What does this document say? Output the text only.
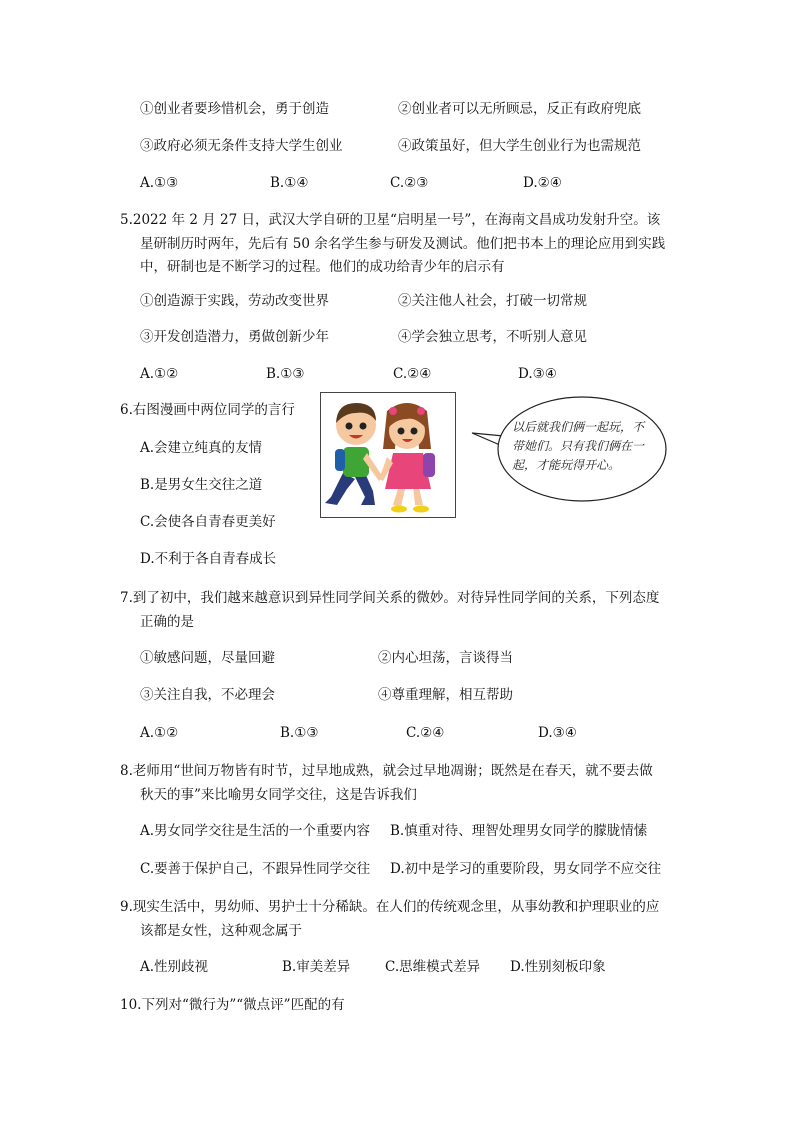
①创业者要珍惜机会，勇于创造	②创业者可以无所顾忌，反正有政府兜底
③政府必须无条件支持大学生创业	④政策虽好，但大学生创业行为也需规范
A.①③	B.①④	C.②③	D.②④
5.2022 年 2 月 27 日，武汉大学自研的卫星“启明星一号”，在海南文昌成功发射升空。该
星研制历时两年，先后有 50 余名学生参与研发及测试。他们把书本上的理论应用到实践
中，研制也是不断学习的过程。他们的成功给青少年的启示有
①创造源于实践，劳动改变世界	②关注他人社会，打破一切常规
③开发创造潜力，勇做创新少年	④学会独立思考，不听别人意见
A.①②	B.①③	C.②④	D.③④
6.右图漫画中两位同学的言行
A.会建立纯真的友情
B.是男女生交往之道
C.会使各自青春更美好
D.不利于各自青春成长
以后就我们俩一起玩，不带她们。只有我们俩在一起，才能玩得开心。
7.到了初中，我们越来越意识到异性同学间关系的微妙。对待异性同学间的关系，下列态度
正确的是
①敏感问题，尽量回避	②内心坦荡，言谈得当
③关注自我，不必理会	④尊重理解，相互帮助
A.①②	B.①③	C.②④	D.③④
8.老师用“世间万物皆有时节，过早地成熟，就会过早地凋谢；既然是在春天，就不要去做
秋天的事”来比喻男女同学交往，这是告诉我们
A.男女同学交往是生活的一个重要内容 B.慎重对待、理智处理男女同学的朦胧情愫
C.要善于保护自己，不跟异性同学交往 D.初中是学习的重要阶段，男女同学不应交往
9.现实生活中，男幼师、男护士十分稀缺。在人们的传统观念里，从事幼教和护理职业的应
该都是女性，这种观念属于
A.性别歧视	B.审美差异	C.思维模式差异 D.性别刻板印象
10.下列对“微行为”“微点评”匹配的有
